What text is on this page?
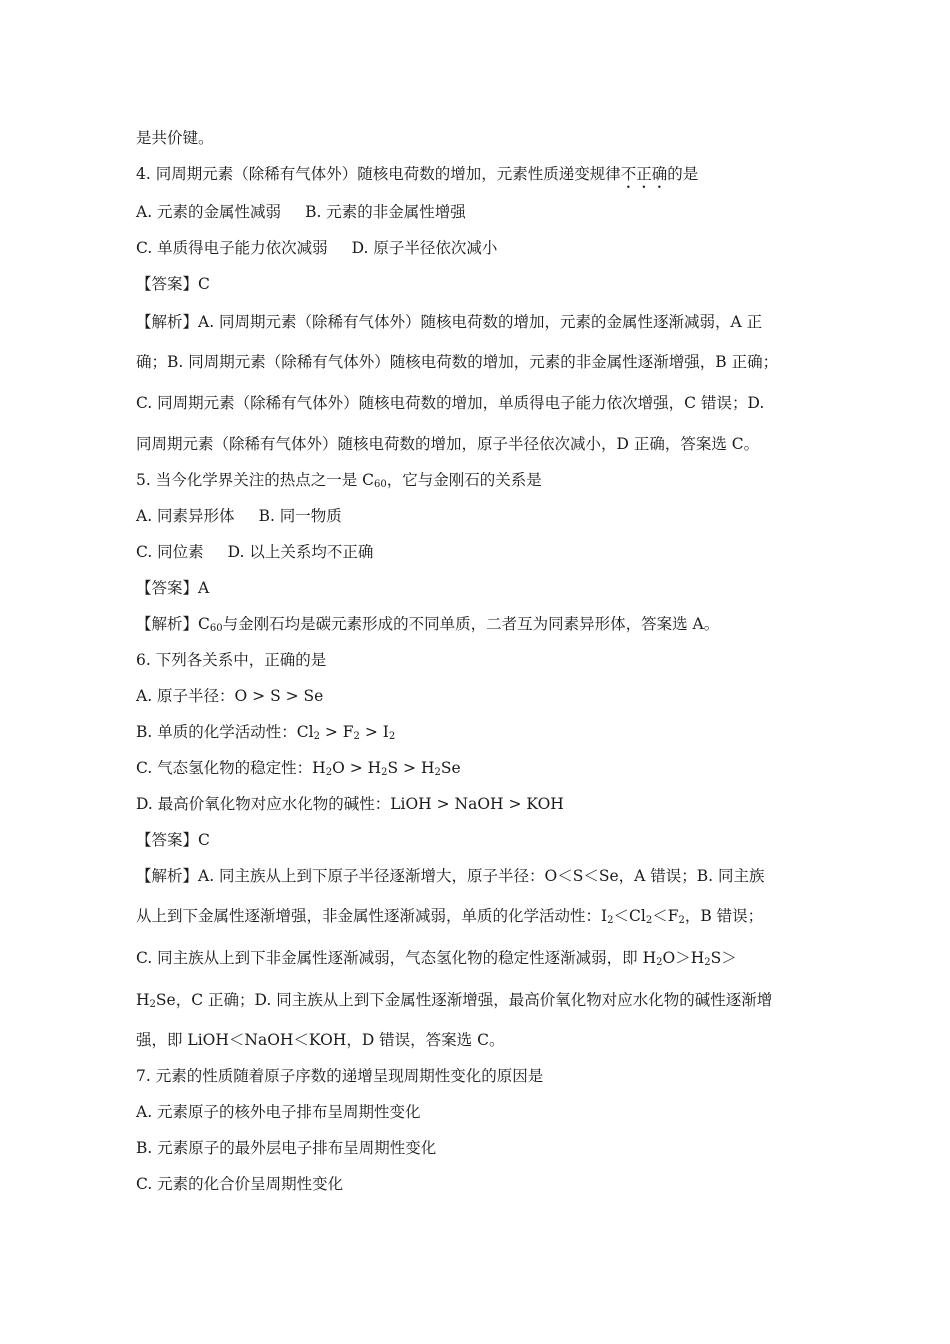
是共价键。
4. 同周期元素（除稀有气体外）随核电荷数的增加，元素性质递变规律不正确的是
A. 元素的金属性减弱 B. 元素的非金属性增强
C. 单质得电子能力依次减弱 D. 原子半径依次减小
【答案】C
【解析】A. 同周期元素（除稀有气体外）随核电荷数的增加，元素的金属性逐渐减弱，A 正
确；B. 同周期元素（除稀有气体外）随核电荷数的增加，元素的非金属性逐渐增强，B 正确；
C. 同周期元素（除稀有气体外）随核电荷数的增加，单质得电子能力依次增强，C 错误；D.
同周期元素（除稀有气体外）随核电荷数的增加，原子半径依次减小，D 正确，答案选 C。
5. 当今化学界关注的热点之一是 $C_{60}$，它与金刚石的关系是
A. 同素异形体 B. 同一物质
C. 同位素 D. 以上关系均不正确
【答案】A
【解析】$C_{60}$与金刚石均是碳元素形成的不同单质，二者互为同素异形体，答案选 A。
6. 下列各关系中，正确的是
A. 原子半径：O > S > Se
B. 单质的化学活动性：$Cl_2 > F_2 > I_2$
C. 气态氢化物的稳定性：$H_2O > H_2S > H_2Se$
D. 最高价氧化物对应水化物的碱性：LiOH > NaOH > KOH
【答案】C
【解析】A. 同主族从上到下原子半径逐渐增大，原子半径：O＜S＜Se，A 错误；B. 同主族
从上到下金属性逐渐增强，非金属性逐渐减弱，单质的化学活动性：$I_2<Cl_2<F_2$，B 错误；
C. 同主族从上到下非金属性逐渐减弱，气态氢化物的稳定性逐渐减弱，即 $H_2O>H_2S>$
$H_2Se$，C 正确；D. 同主族从上到下金属性逐渐增强，最高价氧化物对应水化物的碱性逐渐增
强，即 LiOH＜NaOH＜KOH，D 错误，答案选 C。
7. 元素的性质随着原子序数的递增呈现周期性变化的原因是
A. 元素原子的核外电子排布呈周期性变化
B. 元素原子的最外层电子排布呈周期性变化
C. 元素的化合价呈周期性变化
